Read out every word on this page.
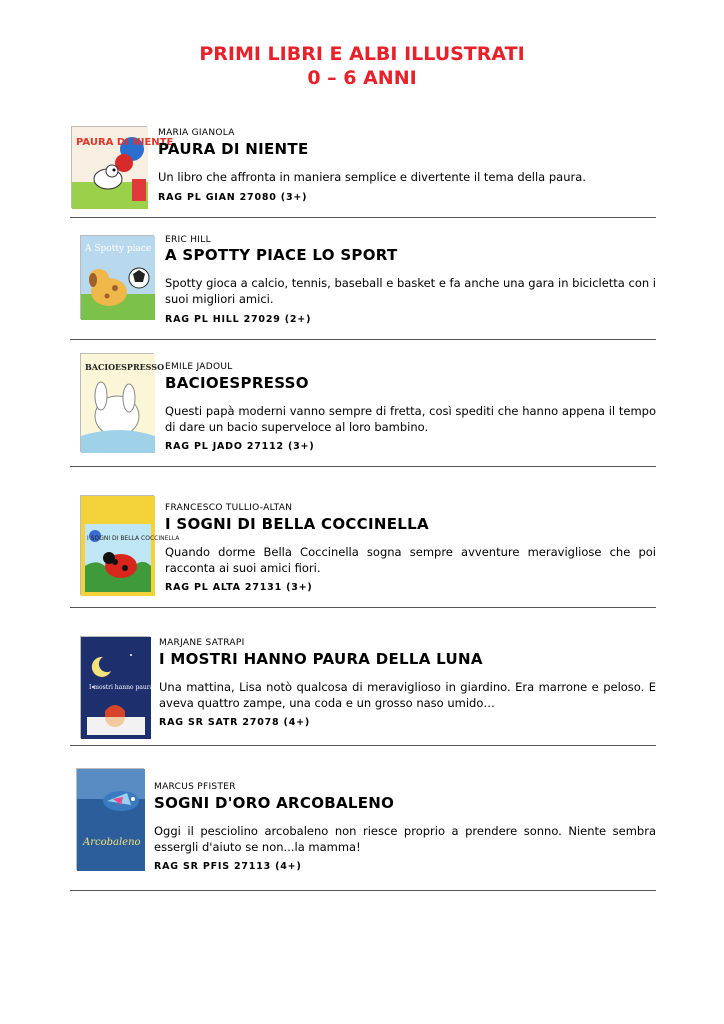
PRIMI LIBRI E ALBI ILLUSTRATI
0 – 6 ANNI
PAURA DI NIENTE
MARIA GIANOLA
PAURA DI NIENTE
Un libro che affronta in maniera semplice e divertente il tema della paura.
RAG PL GIAN 27080 (3+)
A Spotty piace lo sport
ERIC HILL
A SPOTTY PIACE LO SPORT
Spotty gioca a calcio, tennis, baseball e basket e fa anche una gara in bicicletta con i suoi migliori amici.
RAG PL HILL 27029 (2+)
BACIOESPRESSO EMILE JADOUL
BACIOESPRESSO
Questi papà moderni vanno sempre di fretta, così spediti che hanno appena il tempo di dare un bacio superveloce al loro bambino.
RAG PL JADO 27112 (3+)
I SOGNI DI BELLA COCCINELLA
FRANCESCO TULLIO-ALTAN
I SOGNI DI BELLA COCCINELLA
Quando dorme Bella Coccinella sogna sempre avventure meravigliose che poi racconta ai suoi amici fiori.
RAG PL ALTA 27131 (3+)
I mostri hanno paura della luna
MARJANE SATRAPI
I MOSTRI HANNO PAURA DELLA LUNA
Una mattina, Lisa notò qualcosa di meraviglioso in giardino. Era marrone e peloso. E aveva quattro zampe, una coda e un grosso naso umido…
RAG SR SATR 27078 (4+)
Arcobaleno
MARCUS PFISTER
SOGNI D'ORO ARCOBALENO
Oggi il pesciolino arcobaleno non riesce proprio a prendere sonno. Niente sembra essergli d'aiuto se non...la mamma!
RAG SR PFIS 27113 (4+)
